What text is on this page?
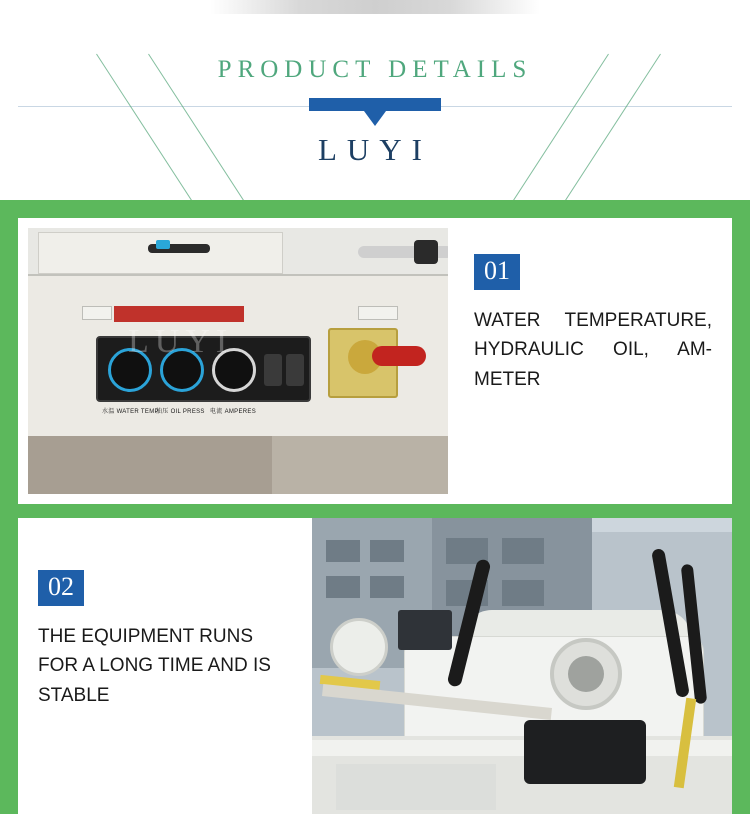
PRODUCT DETAILS
LUYI
水温 WATER TEMP
油压 OIL PRESS 电流 AMPERES
LUYI
01
WATER TEMPERATURE, HYDRAULIC OIL, AM-METER
02
THE EQUIPMENT RUNS FOR A LONG TIME AND IS STABLE
